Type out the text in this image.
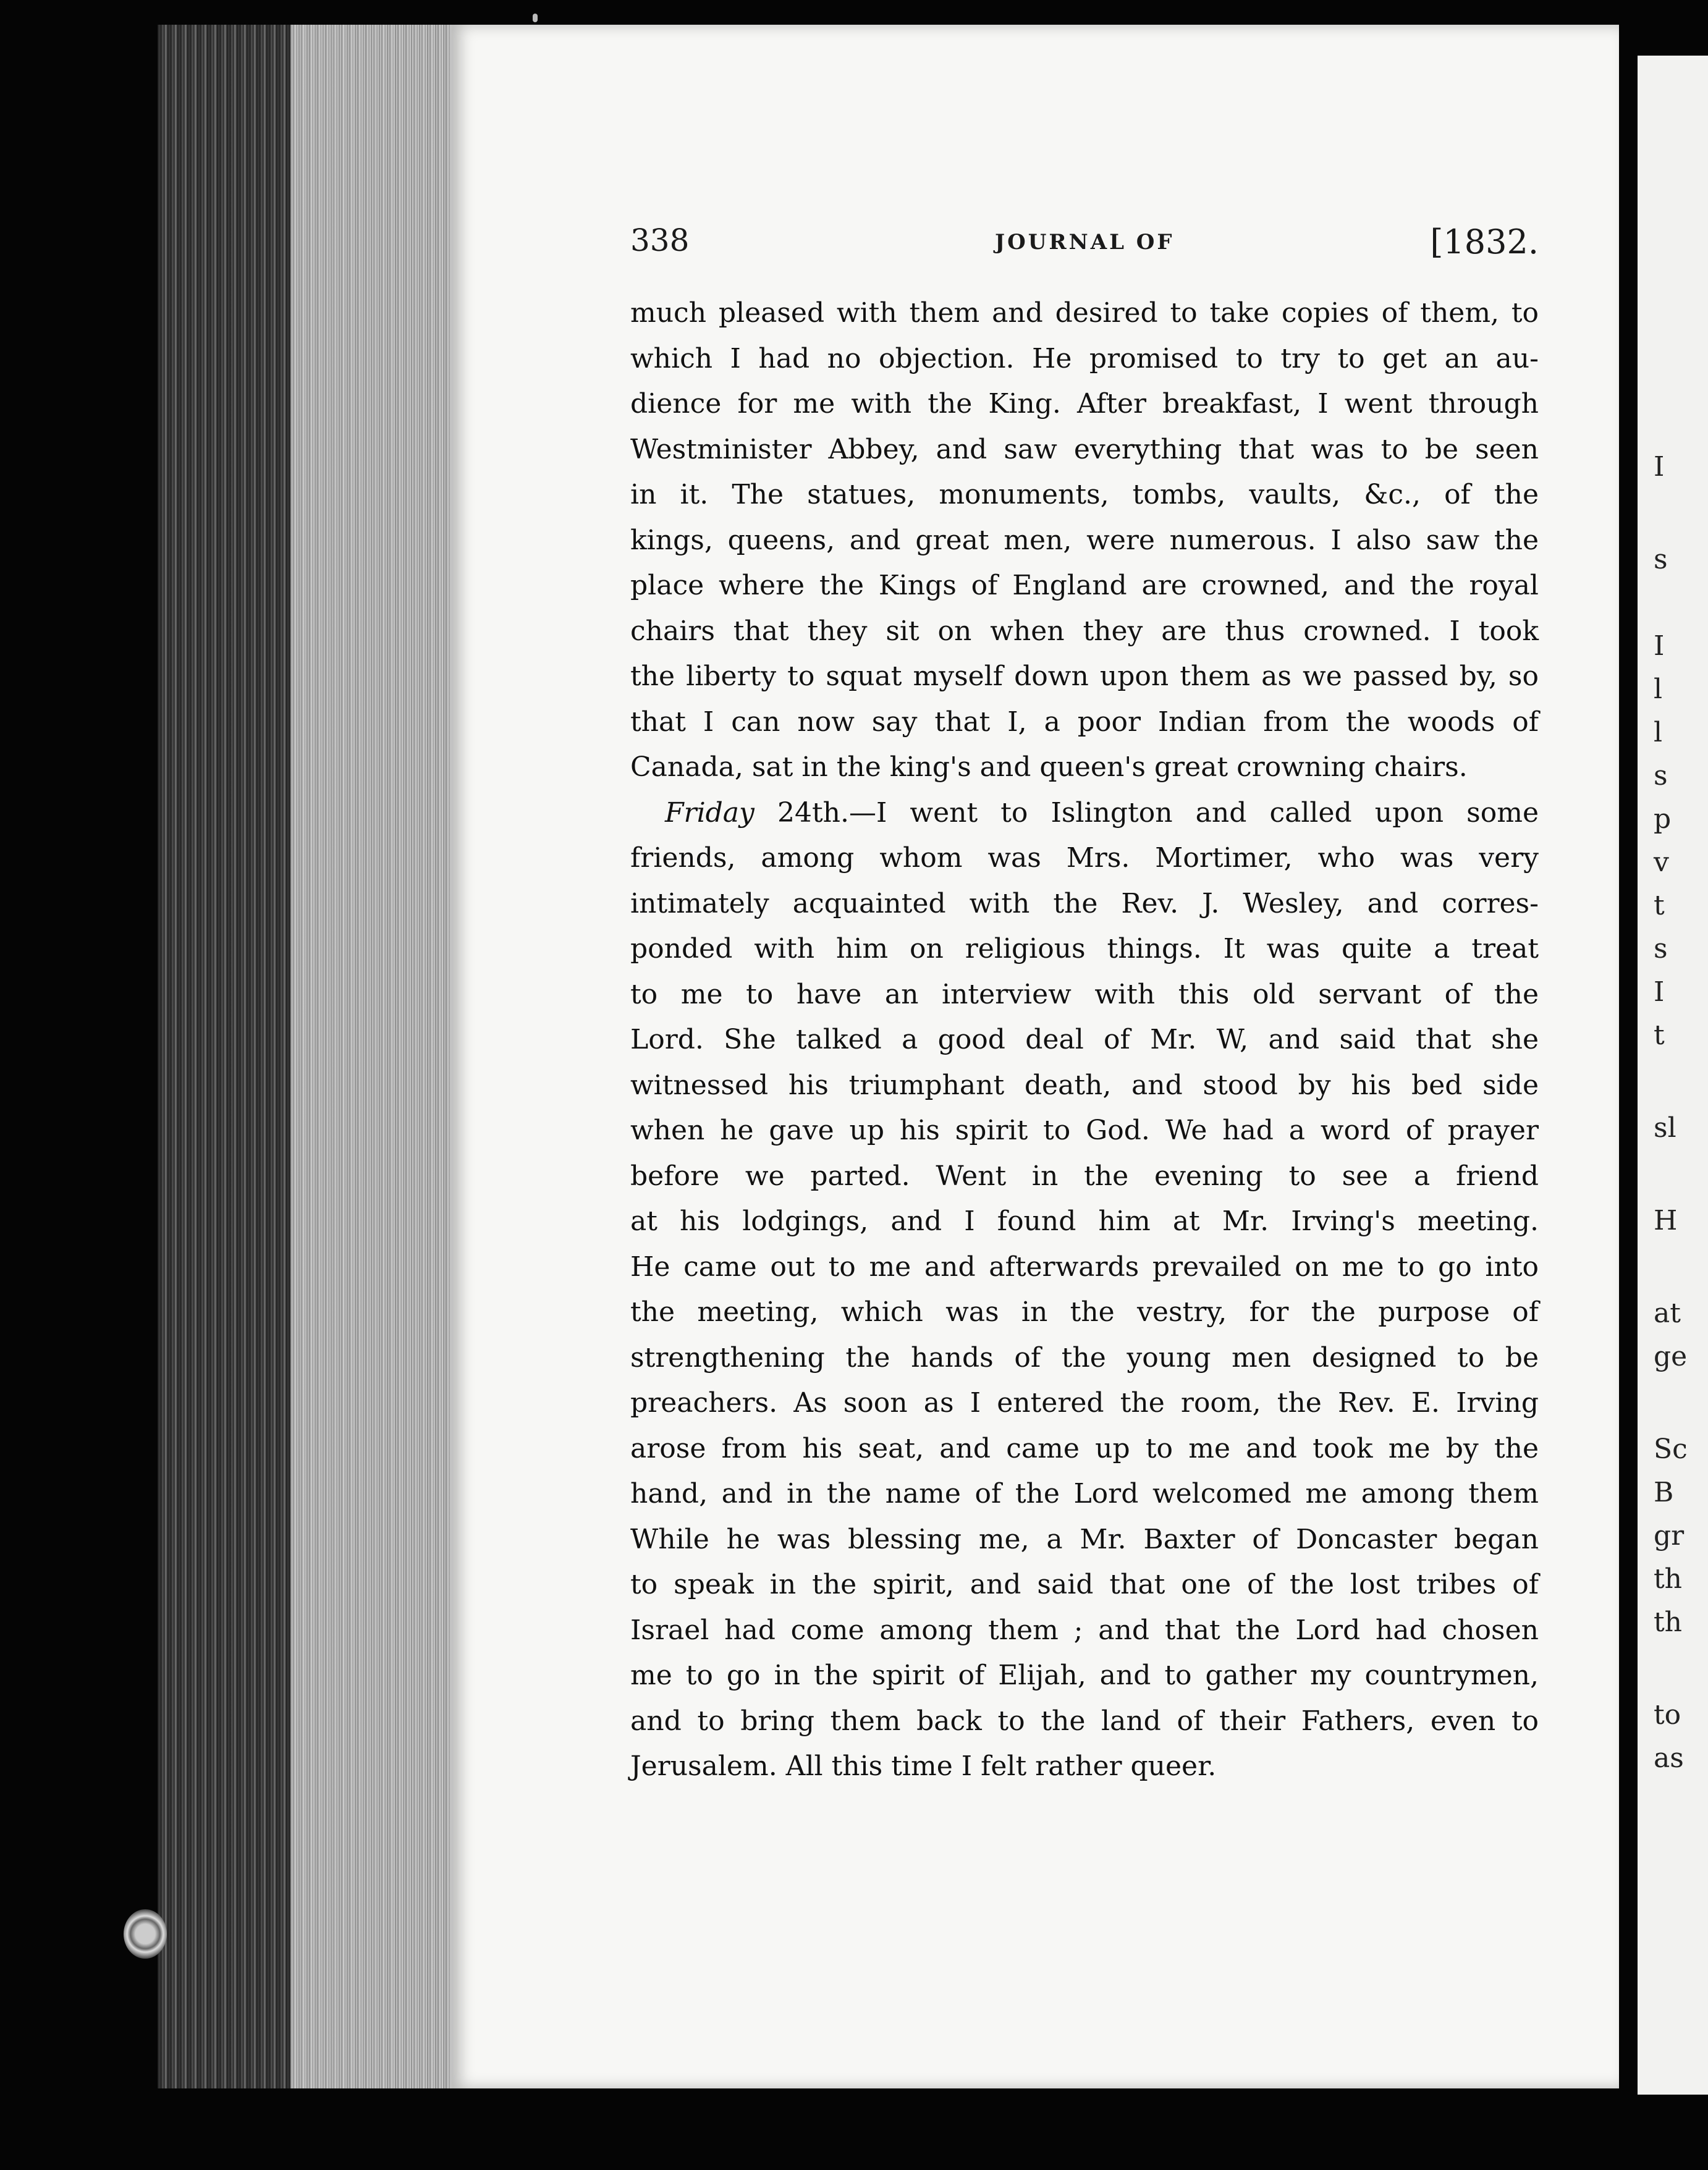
I
s
I
l
l
s
p
v
t
s
I
t
sl
H
at
ge
Sc
B
gr
th
th
to
as
338	JOURNAL OF	[1832.

much pleased with them and desired to take copies of them, to

which I had no objection. He promised to try to get an au-

dience for me with the King. After breakfast, I went through

Westminister Abbey, and saw everything that was to be seen

in it. The statues, monuments, tombs, vaults, &c., of the

kings, queens, and great men, were numerous. I also saw the

place where the Kings of England are crowned, and the royal

chairs that they sit on when they are thus crowned. I took

the liberty to squat myself down upon them as we passed by, so

that I can now say that I, a poor Indian from the woods of

Canada, sat in the king's and queen's great crowning chairs.

Friday 24th.—I went to Islington and called upon some

friends, among whom was Mrs. Mortimer, who was very

intimately acquainted with the Rev. J. Wesley, and corres-

ponded with him on religious things. It was quite a treat

to me to have an interview with this old servant of the

Lord. She talked a good deal of Mr. W, and said that she

witnessed his triumphant death, and stood by his bed side

when he gave up his spirit to God. We had a word of prayer

before we parted. Went in the evening to see a friend

at his lodgings, and I found him at Mr. Irving's meeting.

He came out to me and afterwards prevailed on me to go into

the meeting, which was in the vestry, for the purpose of

strengthening the hands of the young men designed to be

preachers. As soon as I entered the room, the Rev. E. Irving

arose from his seat, and came up to me and took me by the

hand, and in the name of the Lord welcomed me among them

While he was blessing me, a Mr. Baxter of Doncaster began

to speak in the spirit, and said that one of the lost tribes of

Israel had come among them ; and that the Lord had chosen

me to go in the spirit of Elijah, and to gather my countrymen,

and to bring them back to the land of their Fathers, even to

Jerusalem. All this time I felt rather queer.
